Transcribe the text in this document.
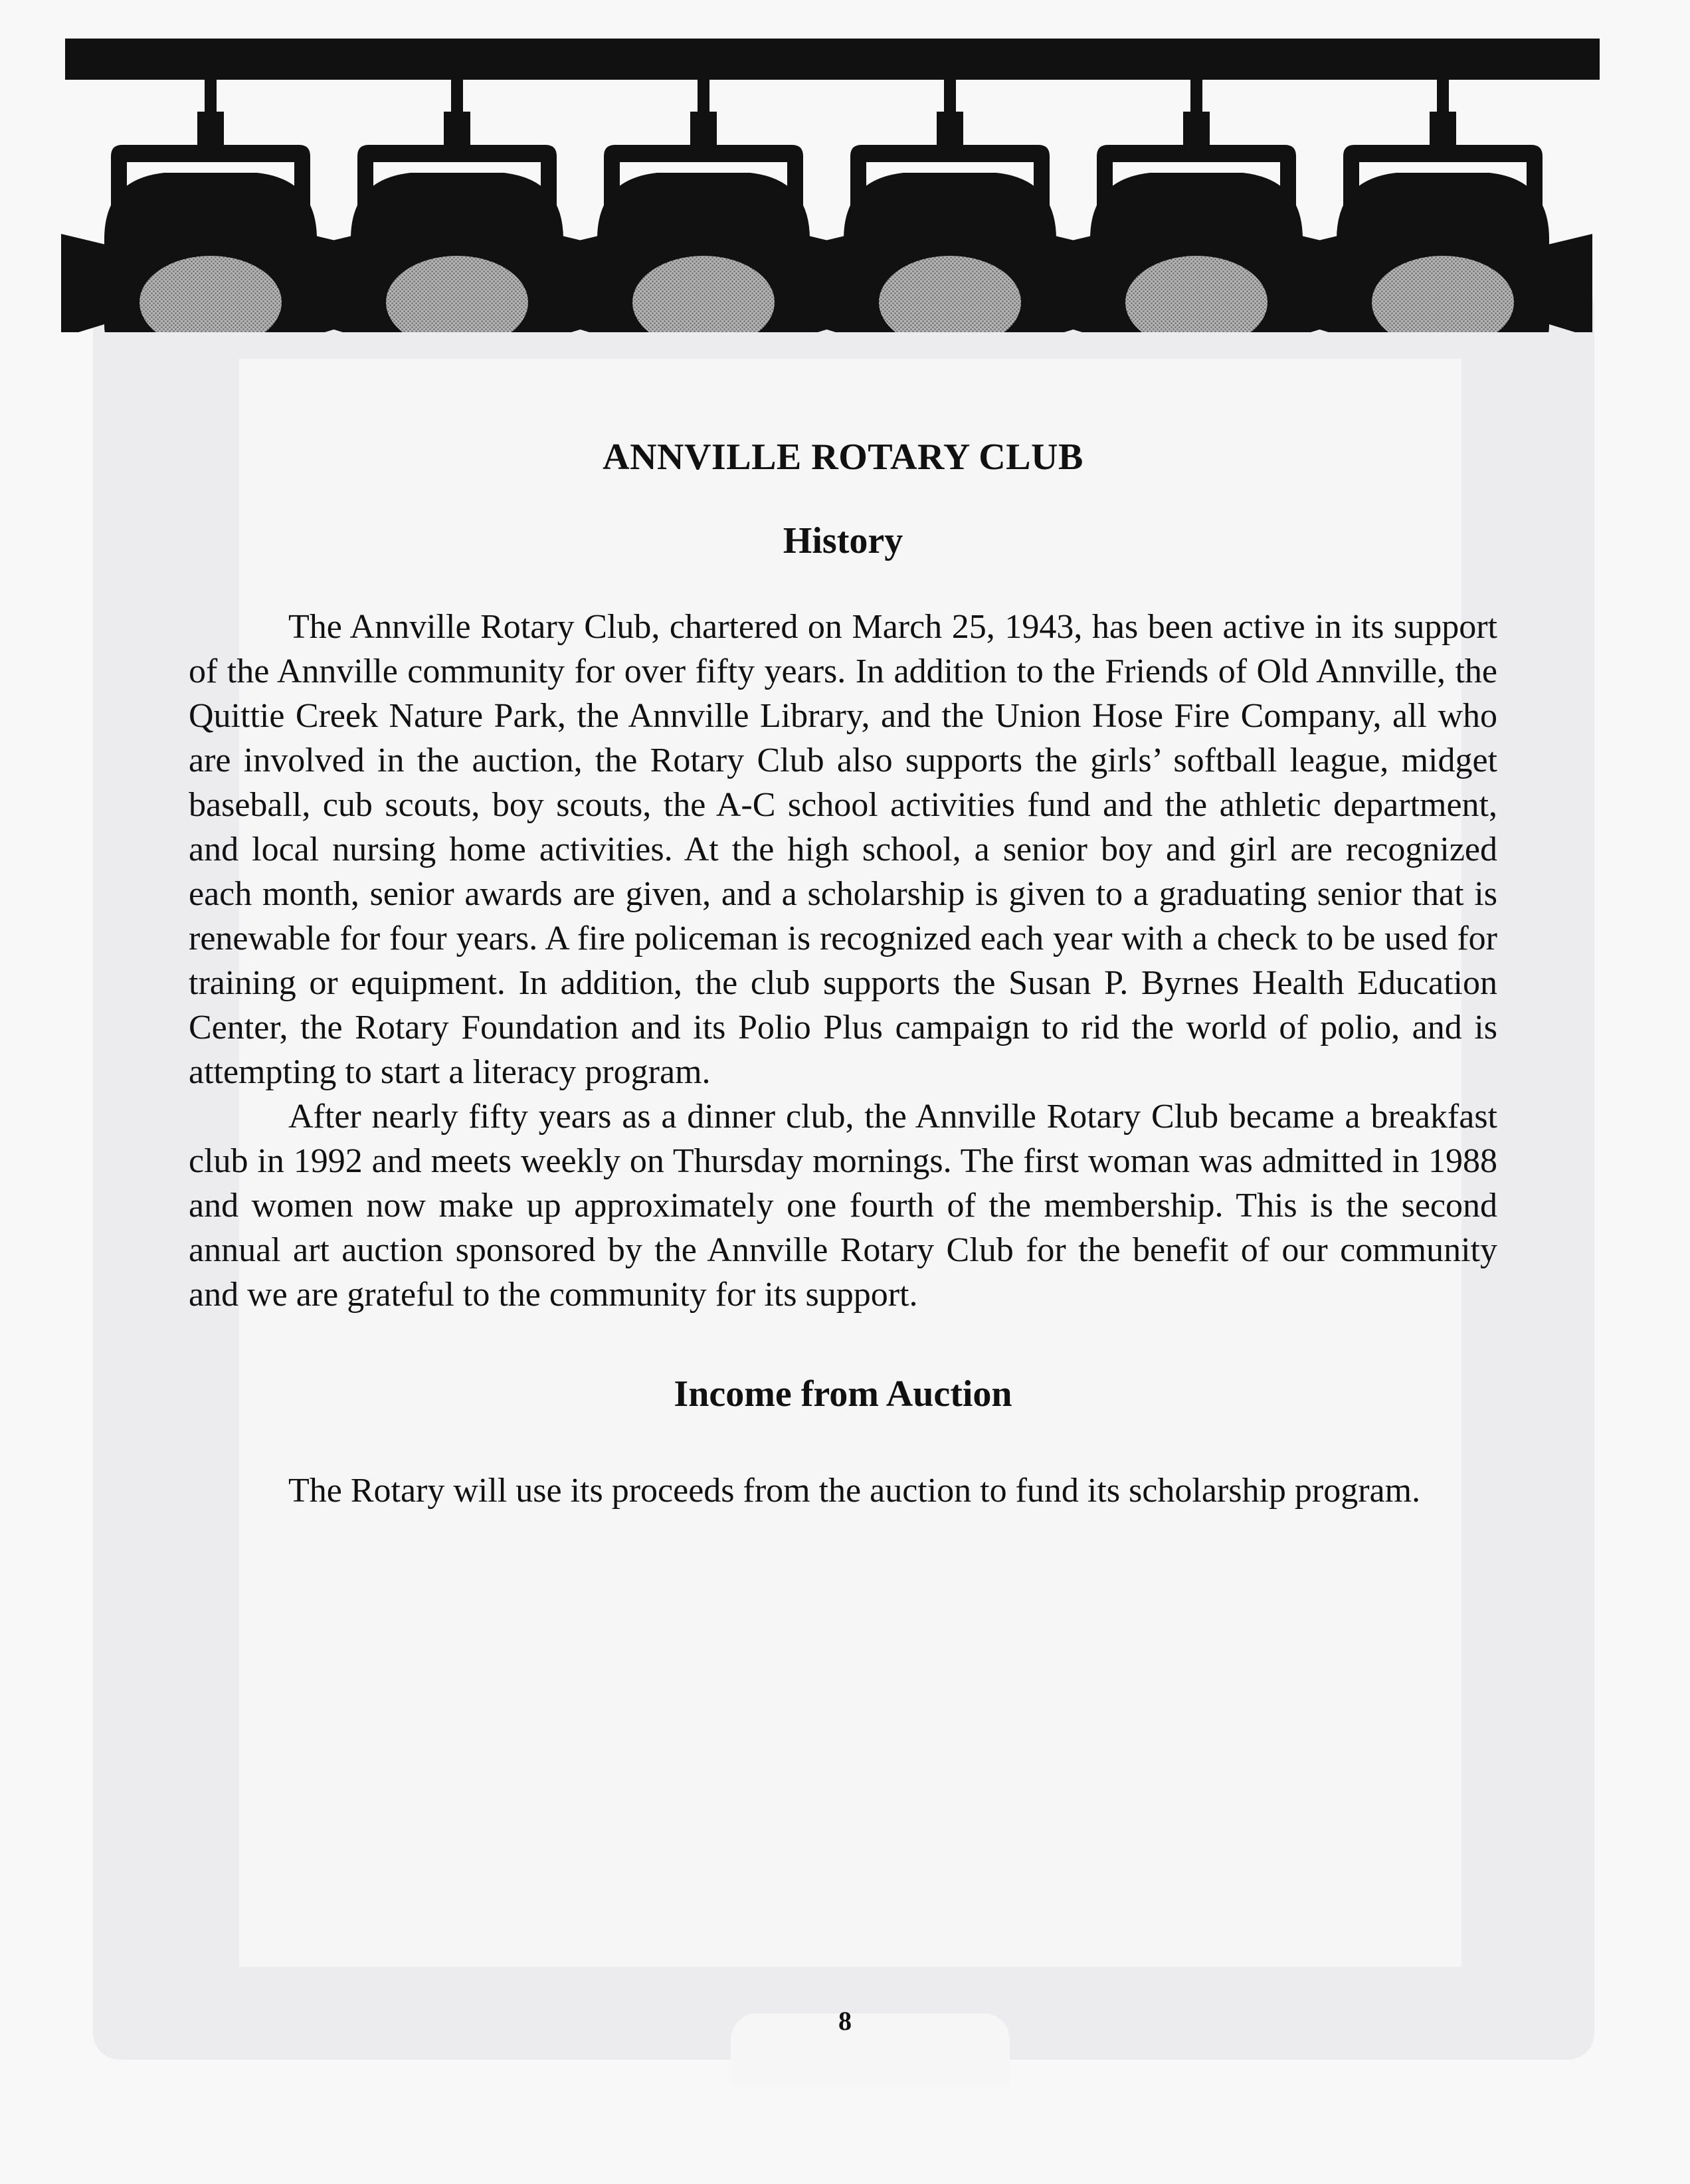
ANNVILLE ROTARY CLUB
History

The Annville Rotary Club, chartered on March 25, 1943, has been active in its support of the Annville community for over fifty years. In addition to the Friends of Old Annville, the Quittie Creek Nature Park, the Annville Library, and the Union Hose Fire Company, all who are involved in the auction, the Rotary Club also supports the girls’ softball league, midget baseball, cub scouts, boy scouts, the A-C school activities fund and the athletic department, and local nursing home activities. At the high school, a senior boy and girl are recognized each month, senior awards are given, and a scholarship is given to a graduating senior that is renewable for four years. A fire policeman is recognized each year with a check to be used for training or equipment. In addition, the club supports the Susan P. Byrnes Health Education Center, the Rotary Foundation and its Polio Plus campaign to rid the world of polio, and is attempting to start a literacy program.

After nearly fifty years as a dinner club, the Annville Rotary Club became a breakfast club in 1992 and meets weekly on Thursday mornings. The first woman was admitted in 1988 and women now make up approximately one fourth of the membership. This is the second annual art auction sponsored by the Annville Rotary Club for the benefit of our community and we are grateful to the community for its support.

Income from Auction

The Rotary will use its proceeds from the auction to fund its scholarship program.

8
